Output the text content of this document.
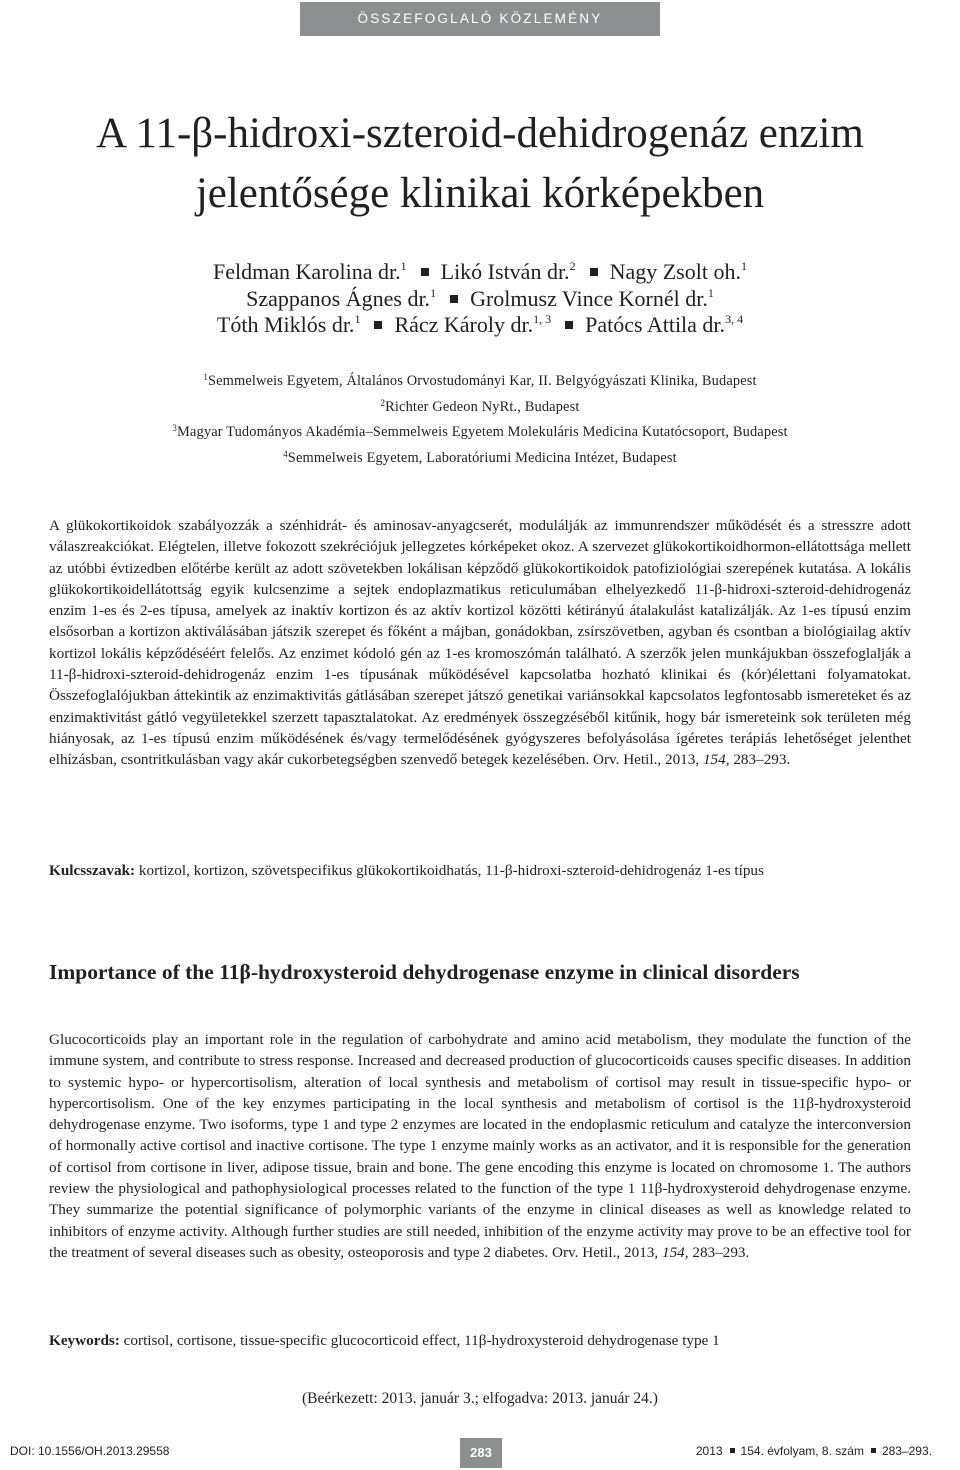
ÖSSZEFOGLALÓ KÖZLEMÉNY
A 11-β-hidroxi-szteroid-dehidrogenáz enzim jelentősége klinikai kórképekben
Feldman Karolina dr.$^1$ Likó István dr.$^2$ Nagy Zsolt oh.$^1$
Szappanos Ágnes dr.$^1$ Grolmusz Vince Kornél dr.$^1$
Tóth Miklós dr.$^1$ Rácz Károly dr.$^{1, 3}$ Patócs Attila dr.$^{3, 4}$
$^1$Semmelweis Egyetem, Általános Orvostudományi Kar, II. Belgyógyászati Klinika, Budapest
$^2$Richter Gedeon NyRt., Budapest
$^3$Magyar Tudományos Akadémia–Semmelweis Egyetem Molekuláris Medicina Kutatócsoport, Budapest
$^4$Semmelweis Egyetem, Laboratóriumi Medicina Intézet, Budapest

A glükokortikoidok szabályozzák a szénhidrát- és aminosav-anyagcserét, modulálják az immunrendszer működését és a stresszre adott válaszreakciókat. Elégtelen, illetve fokozott szekréciójuk jellegzetes kórképeket okoz. A szervezet glükokortikoidhormon-ellátottsága mellett az utóbbi évtizedben előtérbe került az adott szövetekben lokálisan képződő glükokortikoidok patofiziológiai szerepének kutatása. A lokális glükokortikoidellátottság egyik kulcsenzime a sejtek endoplazmatikus reticulumában elhelyezkedő 11-β-hidroxi-szteroid-dehidrogenáz enzim 1-es és 2-es típusa, amelyek az inaktív kortizon és az aktív kortizol közötti kétirányú átalakulást katalizálják. Az 1-es típusú enzim elsősorban a kortizon aktiválásában játszik szerepet és főként a májban, gonádokban, zsírszövetben, agyban és csontban a biológiailag aktív kortizol lokális képződéséért felelős. Az enzimet kódoló gén az 1-es kromoszómán található. A szerzők jelen munkájukban összefoglalják a 11-β-hidroxi-szteroid-dehidrogenáz enzim 1-es típusának működésével kapcsolatba hozható klinikai és (kór)élettani folyamatokat. Összefoglalójukban áttekintik az enzimaktivitás gátlásában szerepet játszó genetikai variánsokkal kapcsolatos legfontosabb ismereteket és az enzimaktivitást gátló vegyületekkel szerzett tapasztalatokat. Az eredmények összegzéséből kitűnik, hogy bár ismereteink sok területen még hiányosak, az 1-es típusú enzim működésének és/vagy termelődésének gyógyszeres befolyásolása ígéretes terápiás lehetőséget jelenthet elhízásban, csontritkulásban vagy akár cukorbetegségben szenvedő betegek kezelésében. Orv. Hetil., 2013, 154, 283–293.

Kulcsszavak: kortizol, kortizon, szövetspecifikus glükokortikoidhatás, 11-β-hidroxi-szteroid-dehidrogenáz 1-es típus

Importance of the 11β-hydroxysteroid dehydrogenase enzyme in clinical disorders

Glucocorticoids play an important role in the regulation of carbohydrate and amino acid metabolism, they modulate the function of the immune system, and contribute to stress response. Increased and decreased production of glucocorticoids causes specific diseases. In addition to systemic hypo- or hypercortisolism, alteration of local synthesis and metabolism of cortisol may result in tissue-specific hypo- or hypercortisolism. One of the key enzymes participating in the local synthesis and metabolism of cortisol is the 11β-hydroxysteroid dehydrogenase enzyme. Two isoforms, type 1 and type 2 enzymes are located in the endoplasmic reticulum and catalyze the interconversion of hormonally active cortisol and inactive cortisone. The type 1 enzyme mainly works as an activator, and it is responsible for the generation of cortisol from cortisone in liver, adipose tissue, brain and bone. The gene encoding this enzyme is located on chromosome 1. The authors review the physiological and pathophysiological processes related to the function of the type 1 11β-hydroxysteroid dehydrogenase enzyme. They summarize the potential significance of polymorphic variants of the enzyme in clinical diseases as well as knowledge related to inhibitors of enzyme activity. Although further studies are still needed, inhibition of the enzyme activity may prove to be an effective tool for the treatment of several diseases such as obesity, osteoporosis and type 2 diabetes. Orv. Hetil., 2013, 154, 283–293.

Keywords: cortisol, cortisone, tissue-specific glucocorticoid effect, 11β-hydroxysteroid dehydrogenase type 1

(Beérkezett: 2013. január 3.; elfogadva: 2013. január 24.)
DOI: 10.1556/OH.2013.29558	283	2013 154. évfolyam, 8. szám 283–293.
